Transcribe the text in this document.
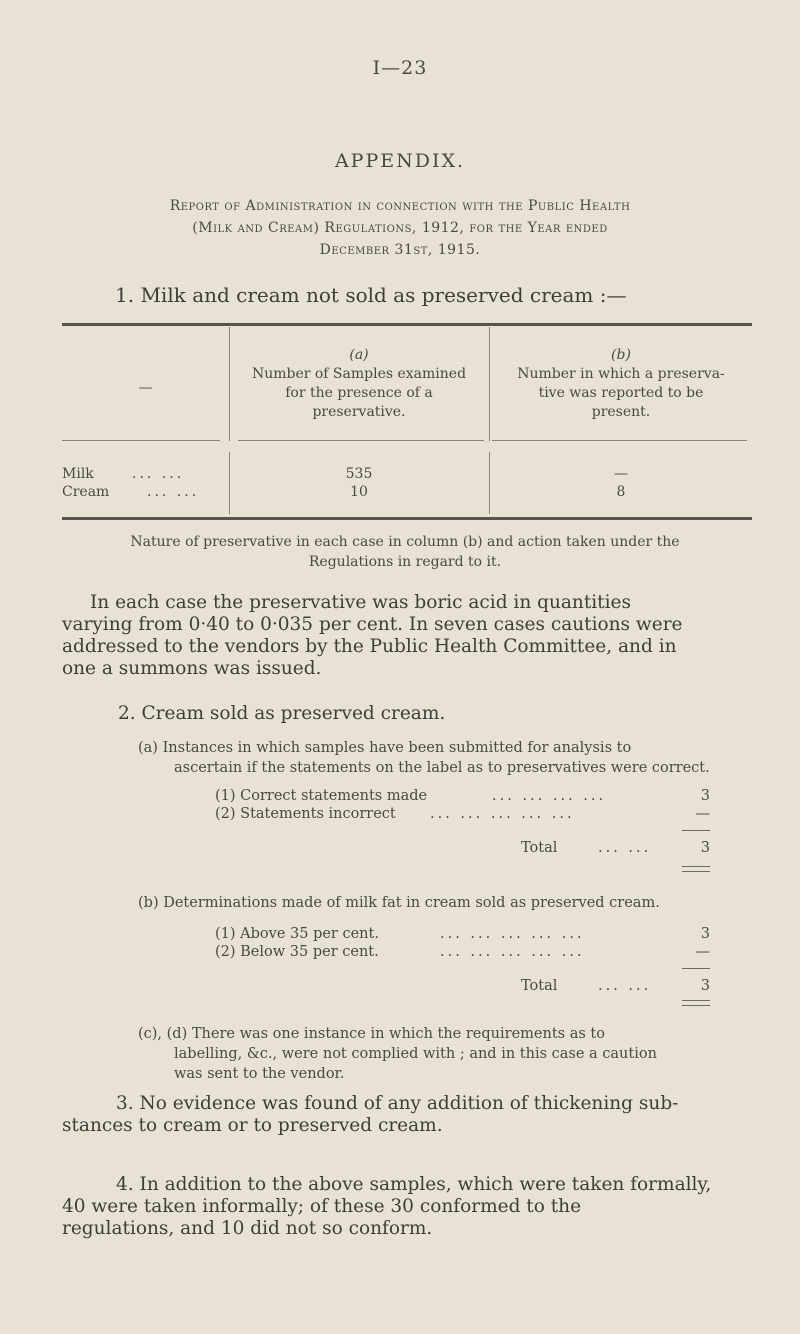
I—23
APPENDIX.
Report of Administration in connection with the Public Health
(Milk and Cream) Regulations, 1912, for the Year ended
December 31st, 1915.
1. Milk and cream not sold as preserved cream :—
—
(a)
Number of Samples examined
for the presence of a
preservative.
(b)
Number in which a preserva-
tive was reported to be
present.
Milk	... ...	535	—
Cream	... ...	10	8
Nature of preservative in each case in column (b) and action taken under the
Regulations in regard to it.
In each case the preservative was boric acid in quantities
varying from 0·40 to 0·035 per cent. In seven cases cautions were
addressed to the vendors by the Public Health Committee, and in
one a summons was issued.
2. Cream sold as preserved cream.
(a) Instances in which samples have been submitted for analysis to
ascertain if the statements on the label as to preservatives were correct.
(1) Correct statements made	... ... ... ...	3
(2) Statements incorrect ... ... ... ... ...	—
Total	... ...	3
(b) Determinations made of milk fat in cream sold as preserved cream.
(1) Above 35 per cent.	... ... ... ... ...	3
(2) Below 35 per cent.	... ... ... ... ...	—
Total	... ...	3
(c), (d) There was one instance in which the requirements as to
labelling, &c., were not complied with ; and in this case a caution
was sent to the vendor.
3. No evidence was found of any addition of thickening sub-
stances to cream or to preserved cream.
4. In addition to the above samples, which were taken formally,
40 were taken informally; of these 30 conformed to the
regulations, and 10 did not so conform.
